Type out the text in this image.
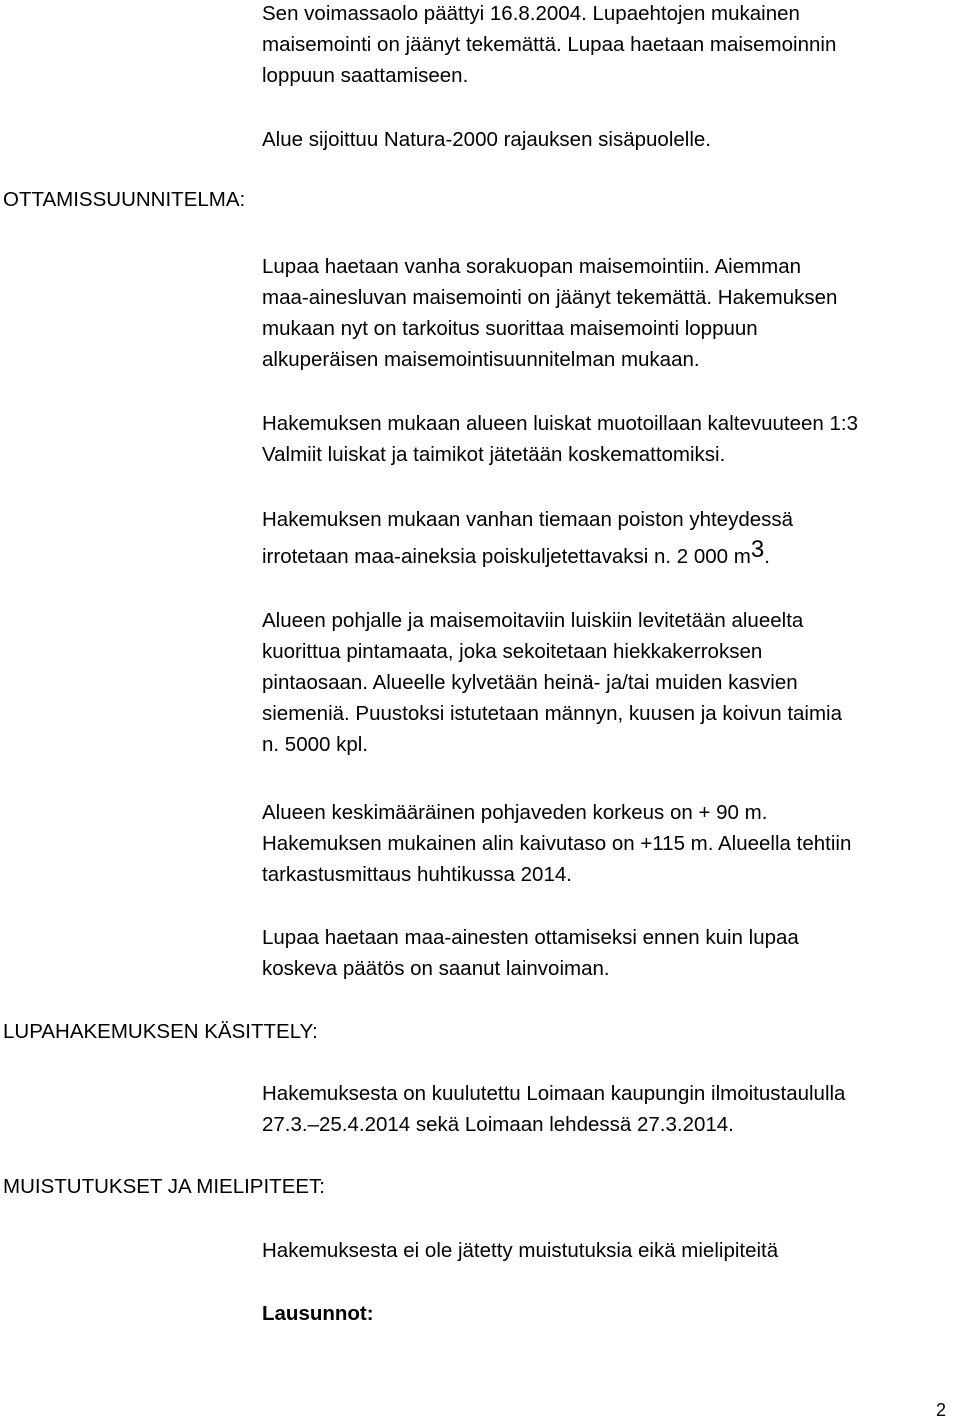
Sen voimassaolo päättyi 16.8.2004. Lupaehtojen mukainen
maisemointi on jäänyt tekemättä. Lupaa haetaan maisemoinnin
loppuun saattamiseen.
Alue sijoittuu Natura-2000 rajauksen sisäpuolelle.
OTTAMISSUUNNITELMA:
Lupaa haetaan vanha sorakuopan maisemointiin. Aiemman
maa-ainesluvan maisemointi on jäänyt tekemättä. Hakemuksen
mukaan nyt on tarkoitus suorittaa maisemointi loppuun
alkuperäisen maisemointisuunnitelman mukaan.
Hakemuksen mukaan alueen luiskat muotoillaan kaltevuuteen 1:3
Valmiit luiskat ja taimikot jätetään koskemattomiksi.
Hakemuksen mukaan vanhan tiemaan poiston yhteydessä
irrotetaan maa-aineksia poiskuljetettavaksi n. 2 000 m3.
Alueen pohjalle ja maisemoitaviin luiskiin levitetään alueelta
kuorittua pintamaata, joka sekoitetaan hiekkakerroksen
pintaosaan. Alueelle kylvetään heinä- ja/tai muiden kasvien
siemeniä. Puustoksi istutetaan männyn, kuusen ja koivun taimia
n. 5000 kpl.
Alueen keskimääräinen pohjaveden korkeus on + 90 m.
Hakemuksen mukainen alin kaivutaso on +115 m. Alueella tehtiin
tarkastusmittaus huhtikussa 2014.
Lupaa haetaan maa-ainesten ottamiseksi ennen kuin lupaa
koskeva päätös on saanut lainvoiman.
LUPAHAKEMUKSEN KÄSITTELY:
Hakemuksesta on kuulutettu Loimaan kaupungin ilmoitustaululla
27.3.–25.4.2014 sekä Loimaan lehdessä 27.3.2014.
MUISTUTUKSET JA MIELIPITEET:
Hakemuksesta ei ole jätetty muistutuksia eikä mielipiteitä
Lausunnot:
2
